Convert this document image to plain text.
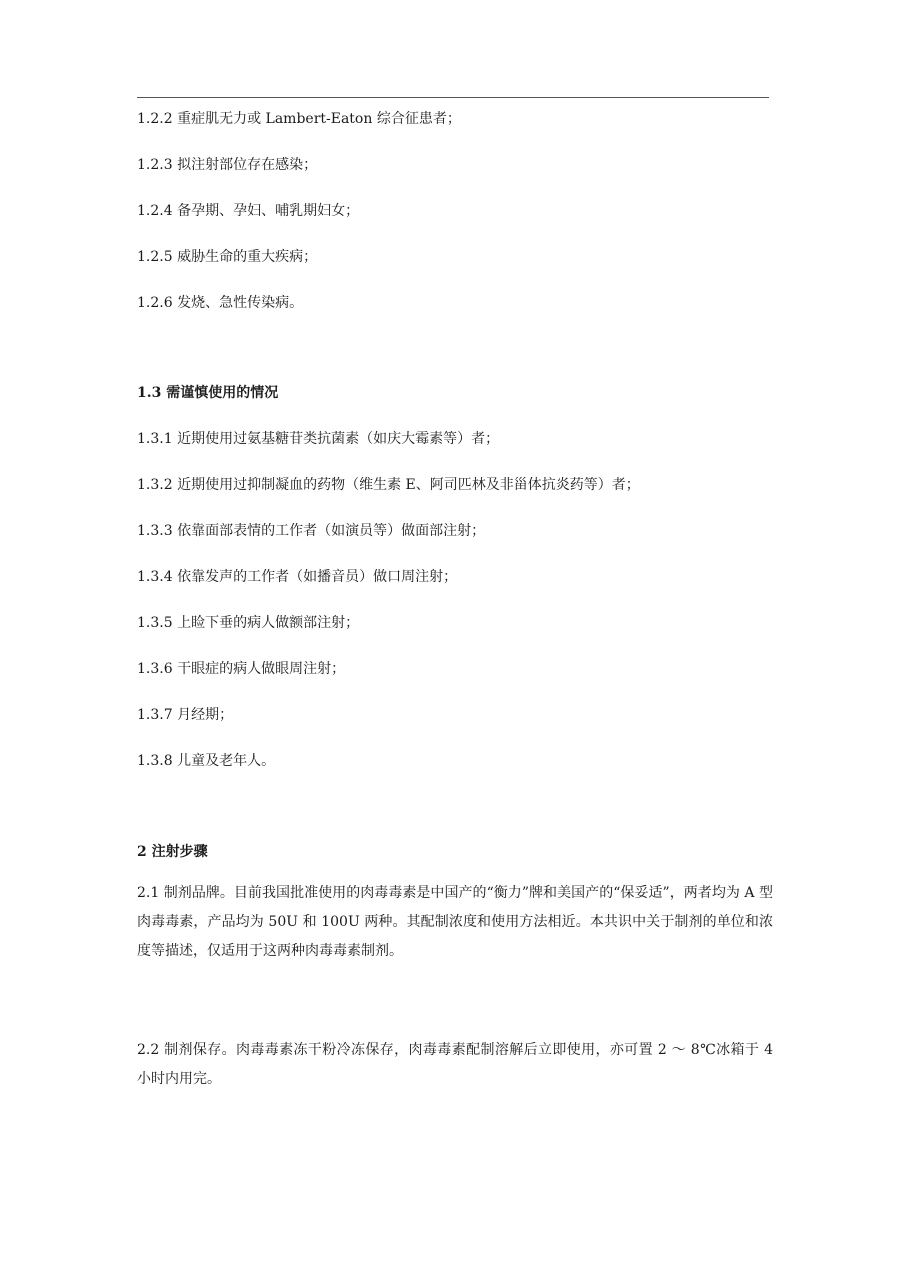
1.2.2 重症肌无力或 Lambert-Eaton 综合征患者；

1.2.3 拟注射部位存在感染；

1.2.4 备孕期、孕妇、哺乳期妇女；

1.2.5 威胁生命的重大疾病；

1.2.6 发烧、急性传染病。

1.3 需谨慎使用的情况

1.3.1 近期使用过氨基糖苷类抗菌素（如庆大霉素等）者；

1.3.2 近期使用过抑制凝血的药物（维生素 E、阿司匹林及非甾体抗炎药等）者；

1.3.3 依靠面部表情的工作者（如演员等）做面部注射；

1.3.4 依靠发声的工作者（如播音员）做口周注射；

1.3.5 上睑下垂的病人做额部注射；

1.3.6 干眼症的病人做眼周注射；

1.3.7 月经期；

1.3.8 儿童及老年人。

2 注射步骤

2.1 制剂品牌。目前我国批准使用的肉毒毒素是中国产的“衡力”牌和美国产的“保妥适”，两者均为 A 型肉毒毒素，产品均为 50U 和 100U 两种。其配制浓度和使用方法相近。本共识中关于制剂的单位和浓度等描述，仅适用于这两种肉毒毒素制剂。

2.2 制剂保存。肉毒毒素冻干粉冷冻保存，肉毒毒素配制溶解后立即使用，亦可置 2 ～ 8℃冰箱于 4 小时内用完。
